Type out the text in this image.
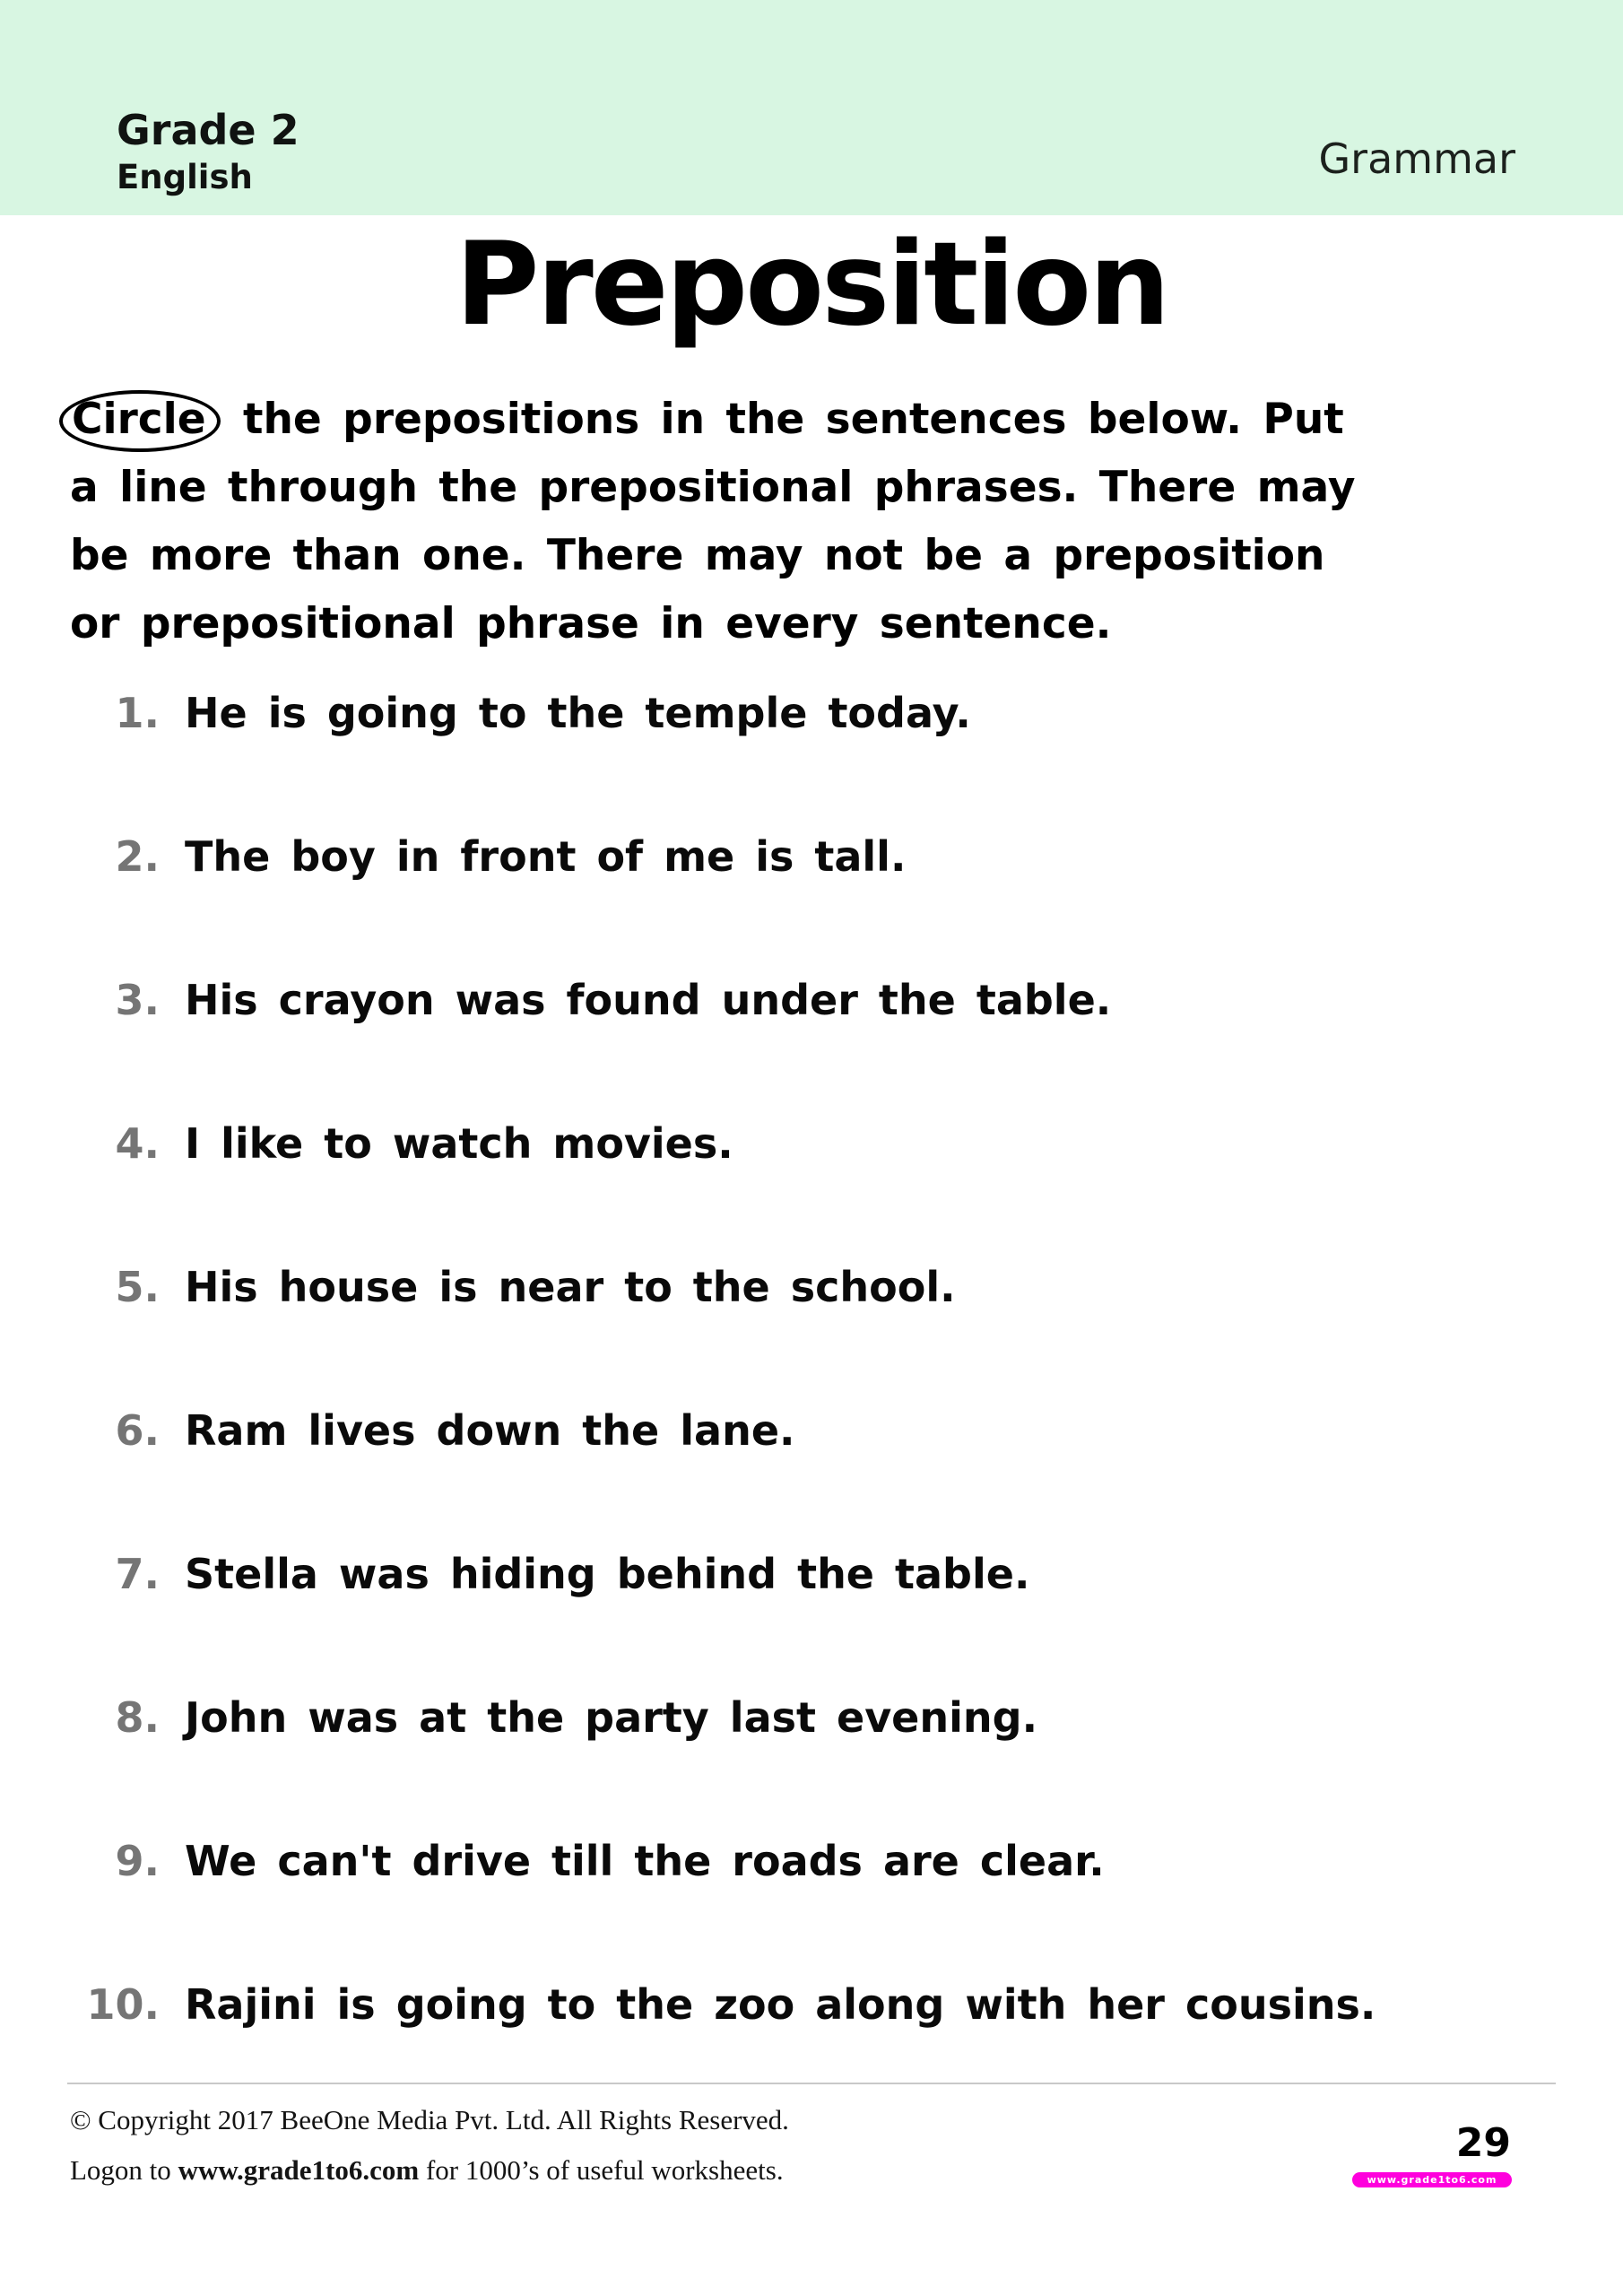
Grade 2
English	Grammar
Preposition
Circle the prepositions in the sentences below. Put
a line through the prepositional phrases. There may
be more than one. There may not be a preposition
or prepositional phrase in every sentence.
1. He is going to the temple today.
2. The boy in front of me is tall.
3. His crayon was found under the table.
4. I like to watch movies.
5. His house is near to the school.
6. Ram lives down the lane.
7. Stella was hiding behind the table.
8. John was at the party last evening.
9. We can't drive till the roads are clear.
10. Rajini is going to the zoo along with her cousins.
© Copyright 2017 BeeOne Media Pvt. Ltd. All Rights Reserved.
Logon to www.grade1to6.com for 1000’s of useful worksheets.
29
www.grade1to6.com
